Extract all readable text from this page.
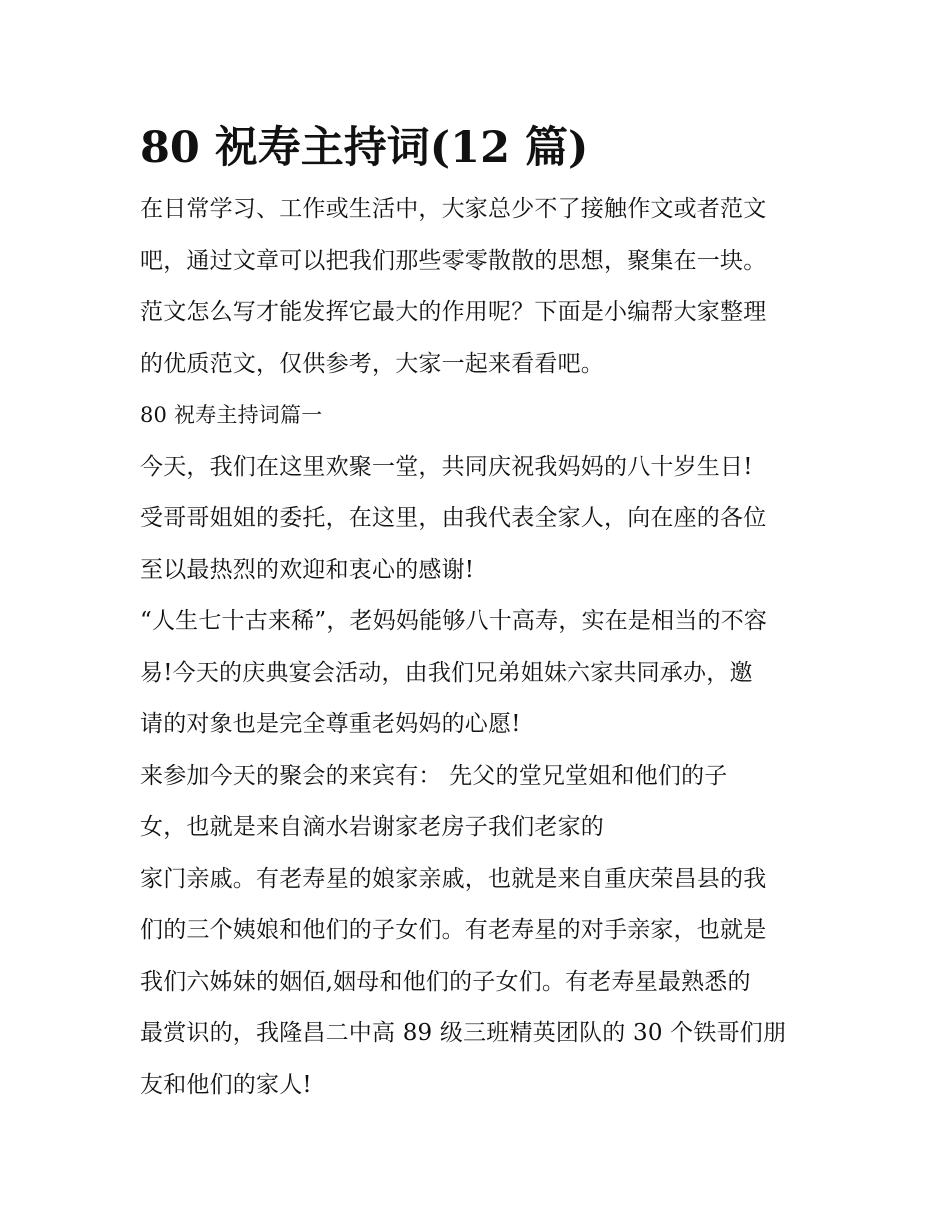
80 祝寿主持词(12 篇)
在日常学习、工作或生活中，大家总少不了接触作文或者范文
吧，通过文章可以把我们那些零零散散的思想，聚集在一块。
范文怎么写才能发挥它最大的作用呢？下面是小编帮大家整理
的优质范文，仅供参考，大家一起来看看吧。
80 祝寿主持词篇一
今天，我们在这里欢聚一堂，共同庆祝我妈妈的八十岁生日!
受哥哥姐姐的委托，在这里，由我代表全家人，向在座的各位
至以最热烈的欢迎和衷心的感谢!
“人生七十古来稀”，老妈妈能够八十高寿，实在是相当的不容
易!今天的庆典宴会活动，由我们兄弟姐妹六家共同承办，邀
请的对象也是完全尊重老妈妈的心愿!
来参加今天的聚会的来宾有： 先父的堂兄堂姐和他们的子
女，也就是来自滴水岩谢家老房子我们老家的
家门亲戚。有老寿星的娘家亲戚，也就是来自重庆荣昌县的我
们的三个姨娘和他们的子女们。有老寿星的对手亲家，也就是
我们六姊妹的姻佰,姻母和他们的子女们。有老寿星最熟悉的
最赏识的，我隆昌二中高 89 级三班精英团队的 30 个铁哥们朋
友和他们的家人!
